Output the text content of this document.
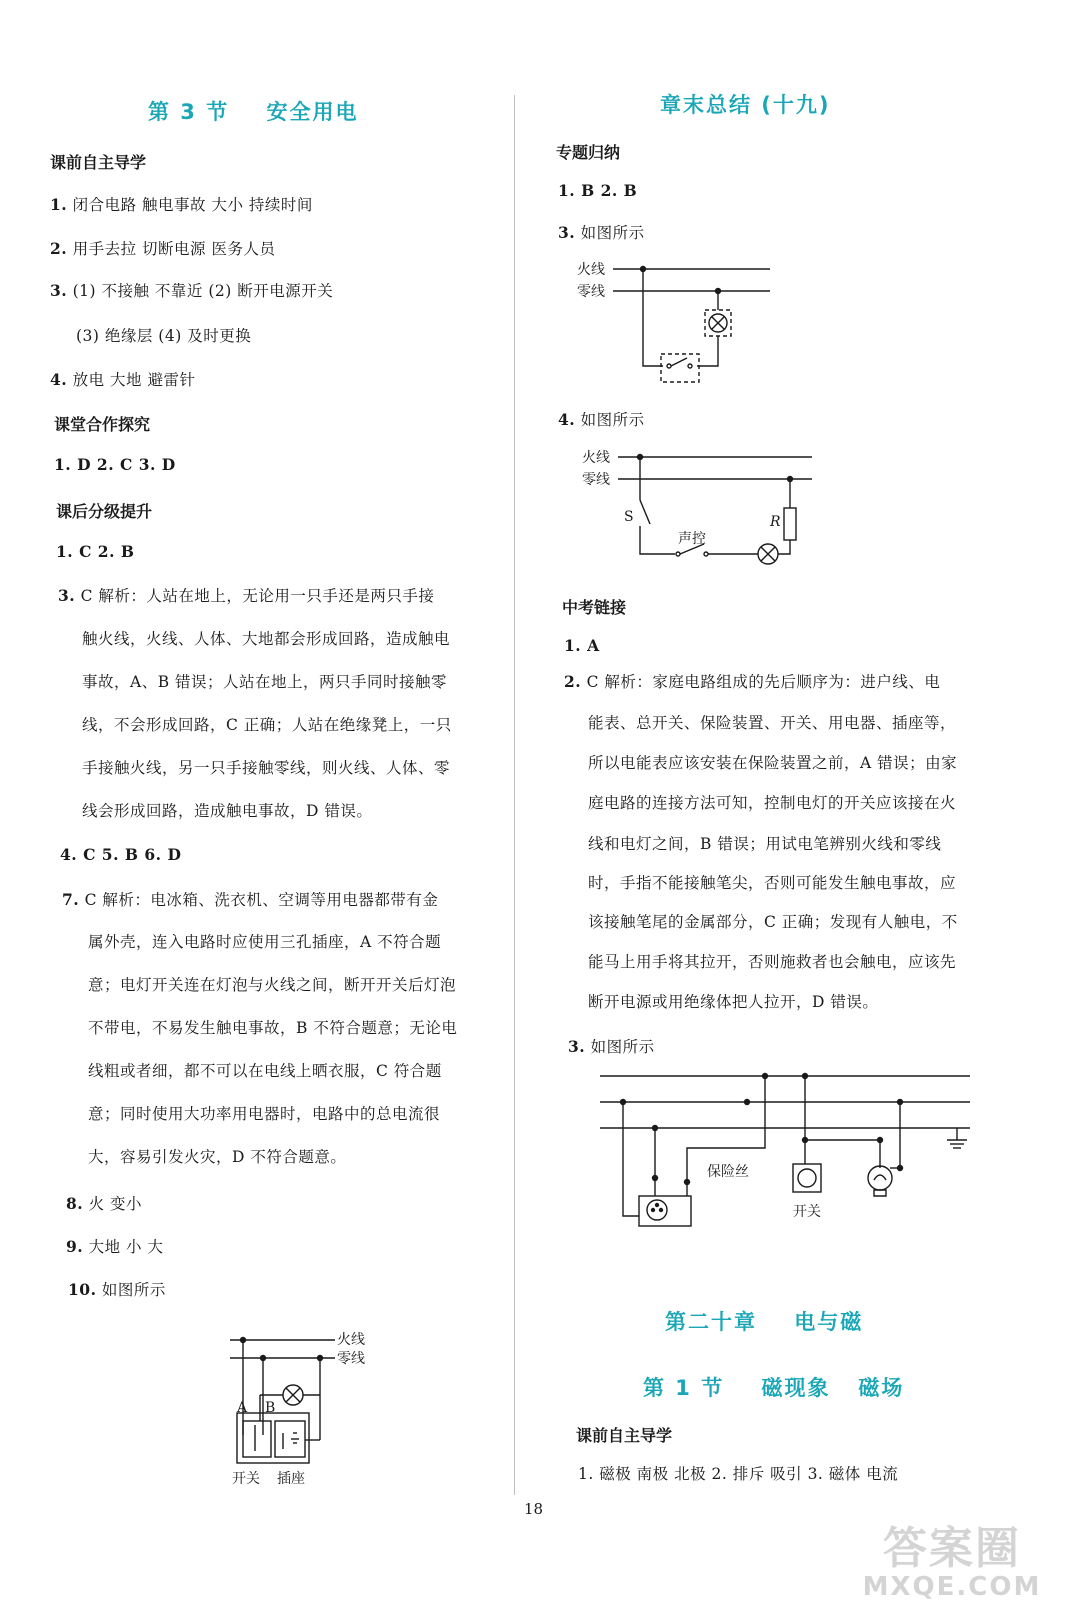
第 3 节    安全用电
课前自主导学
1. 闭合电路 触电事故 大小 持续时间
2. 用手去拉 切断电源 医务人员
3. (1) 不接触 不靠近 (2) 断开电源开关
(3) 绝缘层 (4) 及时更换
4. 放电 大地 避雷针
课堂合作探究
1. D 2. C 3. D
课后分级提升
1. C 2. B
3. C 解析：人站在地上，无论用一只手还是两只手接
触火线，火线、人体、大地都会形成回路，造成触电
事故，A、B 错误；人站在地上，两只手同时接触零
线，不会形成回路，C 正确；人站在绝缘凳上，一只
手接触火线，另一只手接触零线，则火线、人体、零
线会形成回路，造成触电事故，D 错误。
4. C 5. B 6. D
7. C 解析：电冰箱、洗衣机、空调等用电器都带有金
属外壳，连入电路时应使用三孔插座，A 不符合题
意；电灯开关连在灯泡与火线之间，断开开关后灯泡
不带电，不易发生触电事故，B 不符合题意；无论电
线粗或者细，都不可以在电线上晒衣服，C 符合题
意；同时使用大功率用电器时，电路中的总电流很
大，容易引发火灾，D 不符合题意。
8. 火 变小
9. 大地 小 大
10. 如图所示
火线
零线
A B
开关 插座
章末总结 (十九)
专题归纳
1. B 2. B
3. 如图所示
火线
零线
4. 如图所示
火线
零线
S	R
声控
中考链接
1. A
2. C 解析：家庭电路组成的先后顺序为：进户线、电
能表、总开关、保险装置、开关、用电器、插座等，
所以电能表应该安装在保险装置之前，A 错误；由家
庭电路的连接方法可知，控制电灯的开关应该接在火
线和电灯之间，B 错误；用试电笔辨别火线和零线
时，手指不能接触笔尖，否则可能发生触电事故，应
该接触笔尾的金属部分，C 正确；发现有人触电，不
能马上用手将其拉开，否则施救者也会触电，应该先
断开电源或用绝缘体把人拉开，D 错误。
3. 如图所示
保险丝
开关
第二十章    电与磁
第 1 节    磁现象   磁场
课前自主导学
1. 磁极 南极 北极 2. 排斥 吸引 3. 磁体 电流
18
答案圈
MXQE.COM
